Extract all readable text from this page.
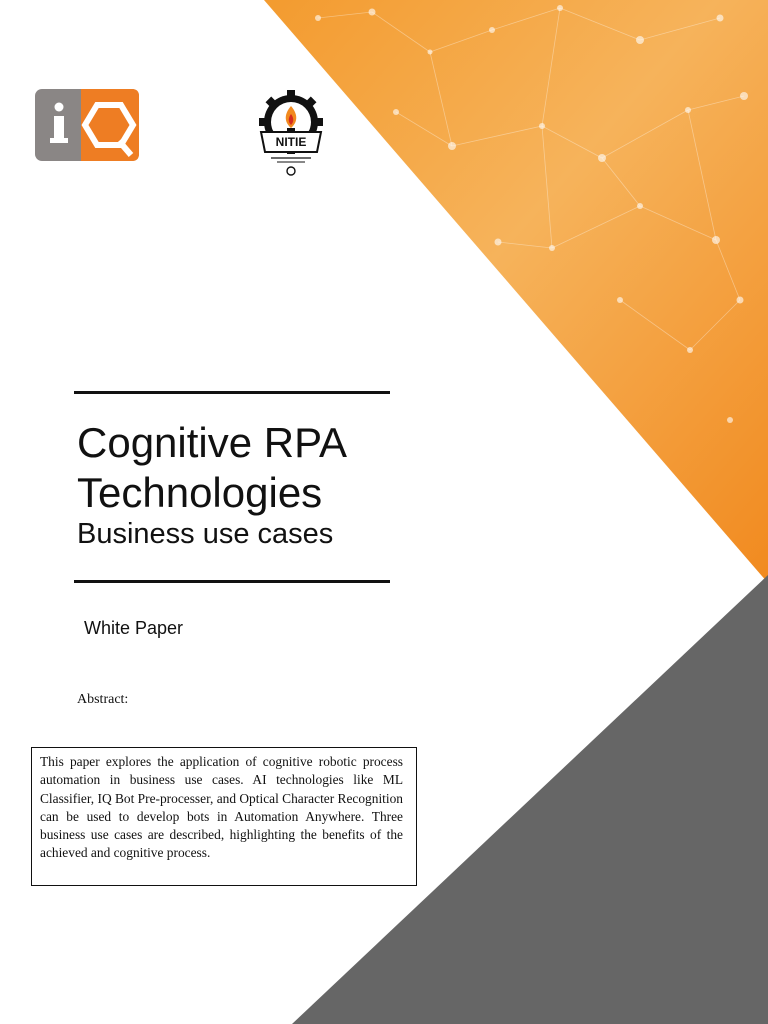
NITIE
Cognitive RPA Technologies
Business use cases
White Paper
Abstract:
This paper explores the application of cognitive robotic process automation in business use cases. AI technologies like ML Classifier, IQ Bot Pre-processer, and Optical Character Recognition can be used to develop bots in Automation Anywhere. Three business use cases are described, highlighting the benefits of the achieved and cognitive process.
